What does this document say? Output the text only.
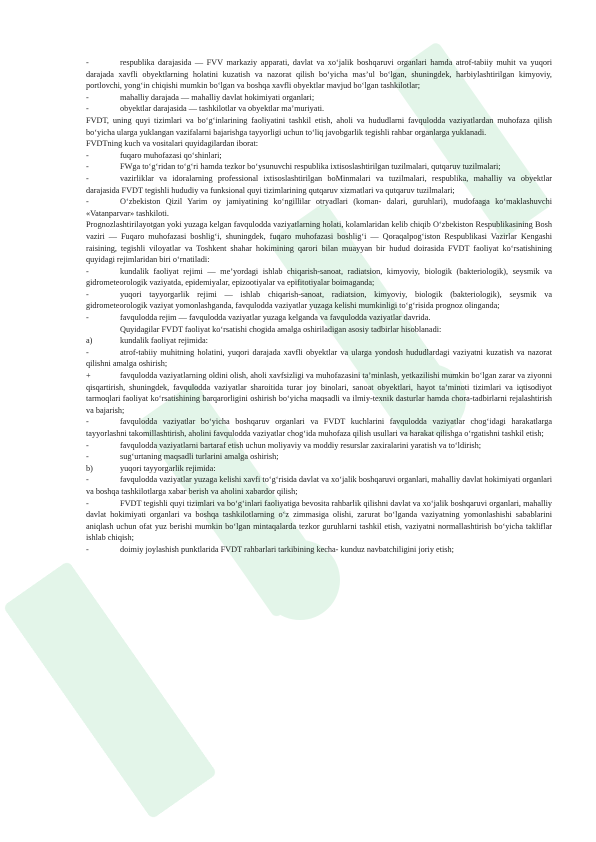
-	respublika darajasida — FVV markaziy apparati, davlat va xo‘jalik boshqaruvi organlari hamda atrof-tabiiy muhit va yuqori darajada xavfli obyektlarning holatini kuzatish va nazorat qilish bo‘yicha mas’ul bo‘lgan, shuningdek, harbiylashtirilgan kimyoviy, portlovchi, yong‘in chiqishi mumkin bo‘lgan va boshqa xavfli obyektlar mavjud bo‘lgan tashkilotlar;

-	mahalliy darajada — mahalliy davlat hokimiyati organlari;

-	obyektlar darajasida — tashkilotlar va obyektlar ma’muriyati.

FVDT, uning quyi tizimlari va bo‘g‘inlarining faoliyatini tashkil etish, aholi va hududlarni favqulodda vaziyatlardan muhofaza qilish bo‘yicha ularga yuklangan vazifalarni bajarishga tayyorligi uchun to‘liq javobgarlik tegishli rahbar organlarga yuklanadi.

FVDTning kuch va vositalari quyidagilardan iborat:

-	fuqaro muhofazasi qo‘shinlari;

-	FWga to‘g‘ridan to‘g‘ri hamda tezkor bo‘ysunuvchi respublika ixtisoslashtirilgan tuzilmalari, qutqaruv tuzilmalari;

-	vazirliklar va idoralarning professional ixtisoslashtirilgan boMinmalari va tuzilmalari, respublika, mahalliy va obyektlar darajasida FVDT tegishli hududiy va funksional quyi tizimlarining qutqaruv xizmatlari va qutqaruv tuzilmalari;

-	O‘zbekiston Qizil Yarim oy jamiyatining ko‘ngillilar otryadlari (koman- dalari, guruhlari), mudofaaga ko‘maklashuvchi «Vatanparvar» tashkiloti.

Prognozlashtirilayotgan yoki yuzaga kelgan favqulodda vaziyatlarning holati, kolamlaridan kelib chiqib O‘zbekiston Respublikasining Bosh vaziri — Fuqaro muhofazasi boshlig‘i, shuningdek, fuqaro muhofazasi boshlig‘i — Qoraqalpog‘iston Respublikasi Vazirlar Kengashi raisining, tegishli viloyatlar va Toshkent shahar hokimining qarori bilan muayyan bir hudud doirasida FVDT faoliyat ko‘rsatishining quyidagi rejimlaridan biri o‘rnatiladi:

-	kundalik faoliyat rejimi — me’yordagi ishlab chiqarish-sanoat, radiatsion, kimyoviy, biologik (bakteriologik), seysmik va gidrometeorologik vaziyatda, epidemiyalar, epizootiyalar va epifitotiyalar boimaganda;

-	yuqori tayyorgarlik rejimi — ishlab chiqarish-sanoat, radiatsion, kimyoviy, biologik (bakteriologik), seysmik va gidrometeorologik vaziyat yomonlashganda, favqulodda vaziyatlar yuzaga kelishi mumkinligi to‘g‘risida prognoz olinganda;

-	favqulodda rejim — favqulodda vaziyatlar yuzaga kelganda va favqulodda vaziyatlar davrida.

Quyidagilar FVDT faoliyat ko‘rsatishi chogida amalga oshiriladigan asosiy tadbirlar hisoblanadi:

a)	kundalik faoliyat rejimida:

-	atrof-tabiiy muhitning holatini, yuqori darajada xavfli obyektlar va ularga yondosh hududlardagi vaziyatni kuzatish va nazorat qilishni amalga oshirish;

+	favqulodda vaziyatlarning oldini olish, aholi xavfsizligi va muhofazasini ta’minlash, yetkazilishi mumkin bo‘lgan zarar va ziyonni qisqartirish, shuningdek, favqulodda vaziyatlar sharoitida turar joy binolari, sanoat obyektlari, hayot ta’minoti tizimlari va iqtisodiyot tarmoqlari faoliyat ko‘rsatishining barqarorligini oshirish bo‘yicha maqsadli va ilmiy-texnik dasturlar hamda chora-tadbirlarni rejalashtirish va bajarish;

-	favqulodda vaziyatlar bo‘yicha boshqaruv organlari va FVDT kuchlarini favqulodda vaziyatlar chog‘idagi harakatlarga tayyorlashni takomillashtirish, aholini favqulodda vaziyatlar chog‘ida muhofaza qilish usullari va harakat qilishga o‘rgatishni tashkil etish;

-	favqulodda vaziyatlarni bartaraf etish uchun moliyaviy va moddiy resurslar zaxiralarini yaratish va to‘ldirish;

-	sug‘urtaning maqsadli turlarini amalga oshirish;

b)	yuqori tayyorgarlik rejimida:

-	favqulodda vaziyatlar yuzaga kelishi xavfi to‘g‘risida davlat va xo‘jalik boshqaruvi organlari, mahalliy davlat hokimiyati organlari va boshqa tashkilotlarga xabar berish va aholini xabardor qilish;

-	FVDT tegishli quyi tizimlari va bo‘g‘inlari faoliyatiga bevosita rahbarlik qilishni davlat va xo‘jalik boshqaruvi organlari, mahalliy davlat hokimiyati organlari va boshqa tashkilotlarning o‘z zimmasiga olishi, zarurat bo‘lganda vaziyatning yomonlashishi sabablarini aniqlash uchun ofat yuz berishi mumkin bo‘lgan mintaqalarda tezkor guruhlarni tashkil etish, vaziyatni normallashtirish bo‘yicha takliflar ishlab chiqish;

-	doimiy joylashish punktlarida FVDT rahbarlari tarkibining kecha- kunduz navbatchiligini joriy etish;
